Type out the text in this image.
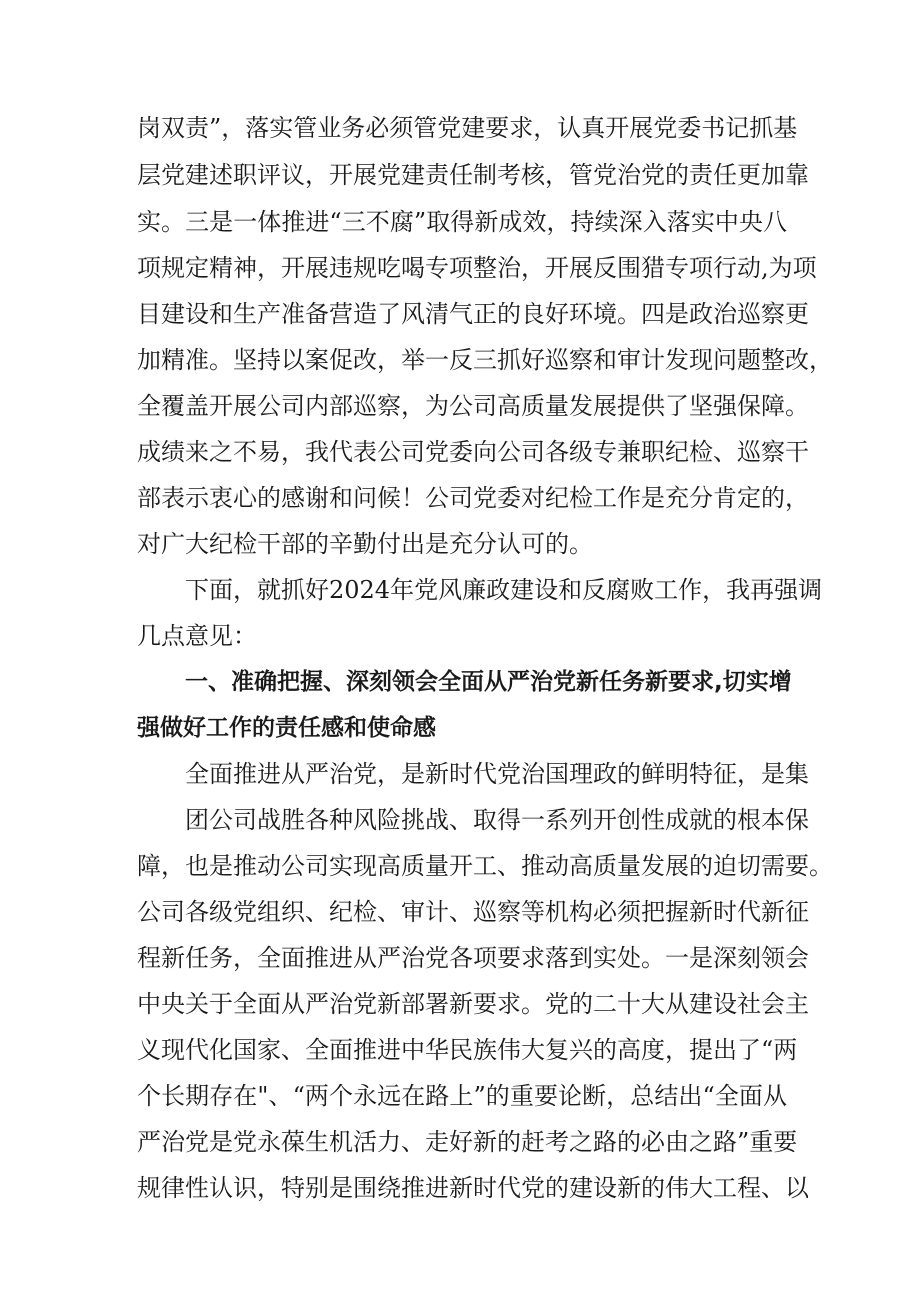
岗双责”，落实管业务必须管党建要求，认真开展党委书记抓基
层党建述职评议，开展党建责任制考核，管党治党的责任更加靠
实。三是一体推进“三不腐”取得新成效，持续深入落实中央八
项规定精神，开展违规吃喝专项整治，开展反围猎专项行动,为项
目建设和生产准备营造了风清气正的良好环境。四是政治巡察更
加精准。坚持以案促改，举一反三抓好巡察和审计发现问题整改，
全覆盖开展公司内部巡察，为公司高质量发展提供了坚强保障。
成绩来之不易，我代表公司党委向公司各级专兼职纪检、巡察干
部表示衷心的感谢和问候！公司党委对纪检工作是充分肯定的，
对广大纪检干部的辛勤付出是充分认可的。
下面，就抓好2024年党风廉政建设和反腐败工作，我再强调
几点意见：
一、准确把握、深刻领会全面从严治党新任务新要求,切实增
强做好工作的责任感和使命感
全面推进从严治党，是新时代党治国理政的鲜明特征，是集
团公司战胜各种风险挑战、取得一系列开创性成就的根本保
障，也是推动公司实现高质量开工、推动高质量发展的迫切需要。
公司各级党组织、纪检、审计、巡察等机构必须把握新时代新征
程新任务，全面推进从严治党各项要求落到实处。一是深刻领会
中央关于全面从严治党新部署新要求。党的二十大从建设社会主
义现代化国家、全面推进中华民族伟大复兴的高度，提出了“两
个长期存在"、“两个永远在路上”的重要论断，总结出“全面从
严治党是党永葆生机活力、走好新的赶考之路的必由之路”重要
规律性认识，特别是围绕推进新时代党的建设新的伟大工程、以
